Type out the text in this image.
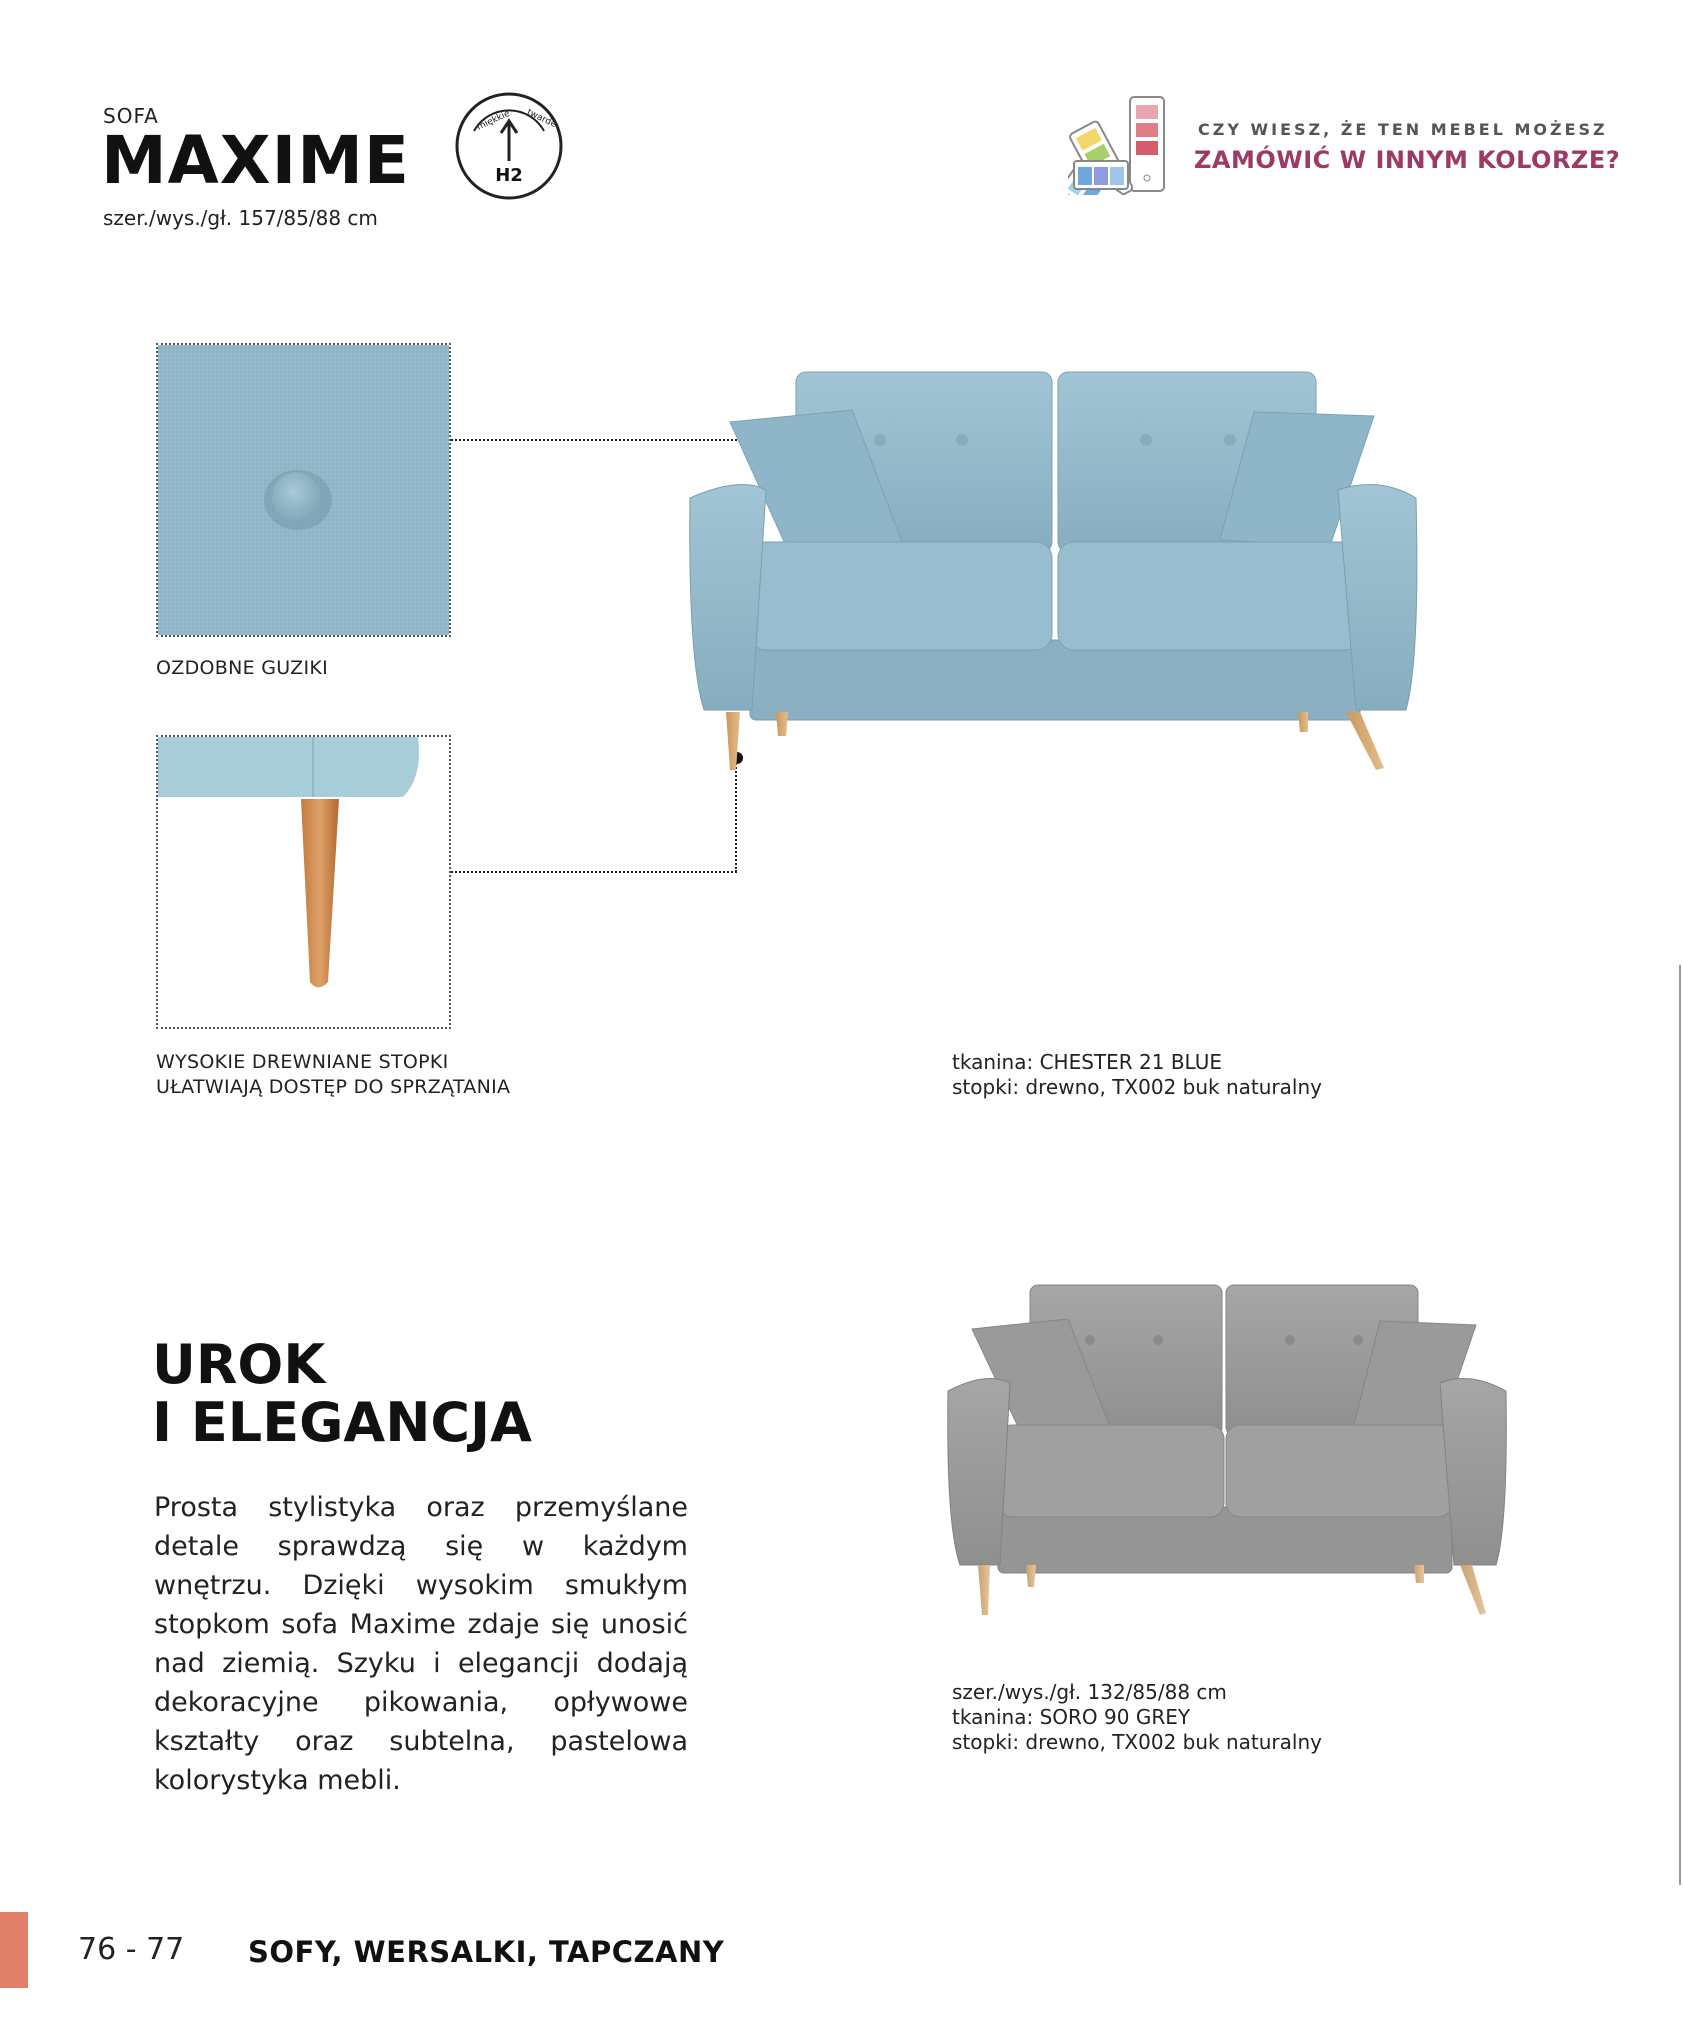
SOFA
MAXIME
szer./wys./gł. 157/85/88 cm
miękkie twarde
H2
CZY WIESZ, ŻE TEN MEBEL MOŻESZ
ZAMÓWIĆ W INNYM KOLORZE?
OZDOBNE GUZIKI
WYSOKIE DREWNIANE STOPKI
UŁATWIAJĄ DOSTĘP DO SPRZĄTANIA
tkanina: CHESTER 21 BLUE
stopki: drewno, TX002 buk naturalny
UROK
I ELEGANCJA
Prosta stylistyka oraz przemyślane detale sprawdzą się w każdym wnętrzu. Dzięki wysokim smukłym stopkom sofa Maxime zdaje się unosić nad ziemią. Szyku i elegancji dodają dekoracyjne pikowania, opływowe kształty oraz subtelna, pastelowa kolorystyka mebli.
szer./wys./gł. 132/85/88 cm
tkanina: SORO 90 GREY
stopki: drewno, TX002 buk naturalny
76 - 77 SOFY, WERSALKI, TAPCZANY
